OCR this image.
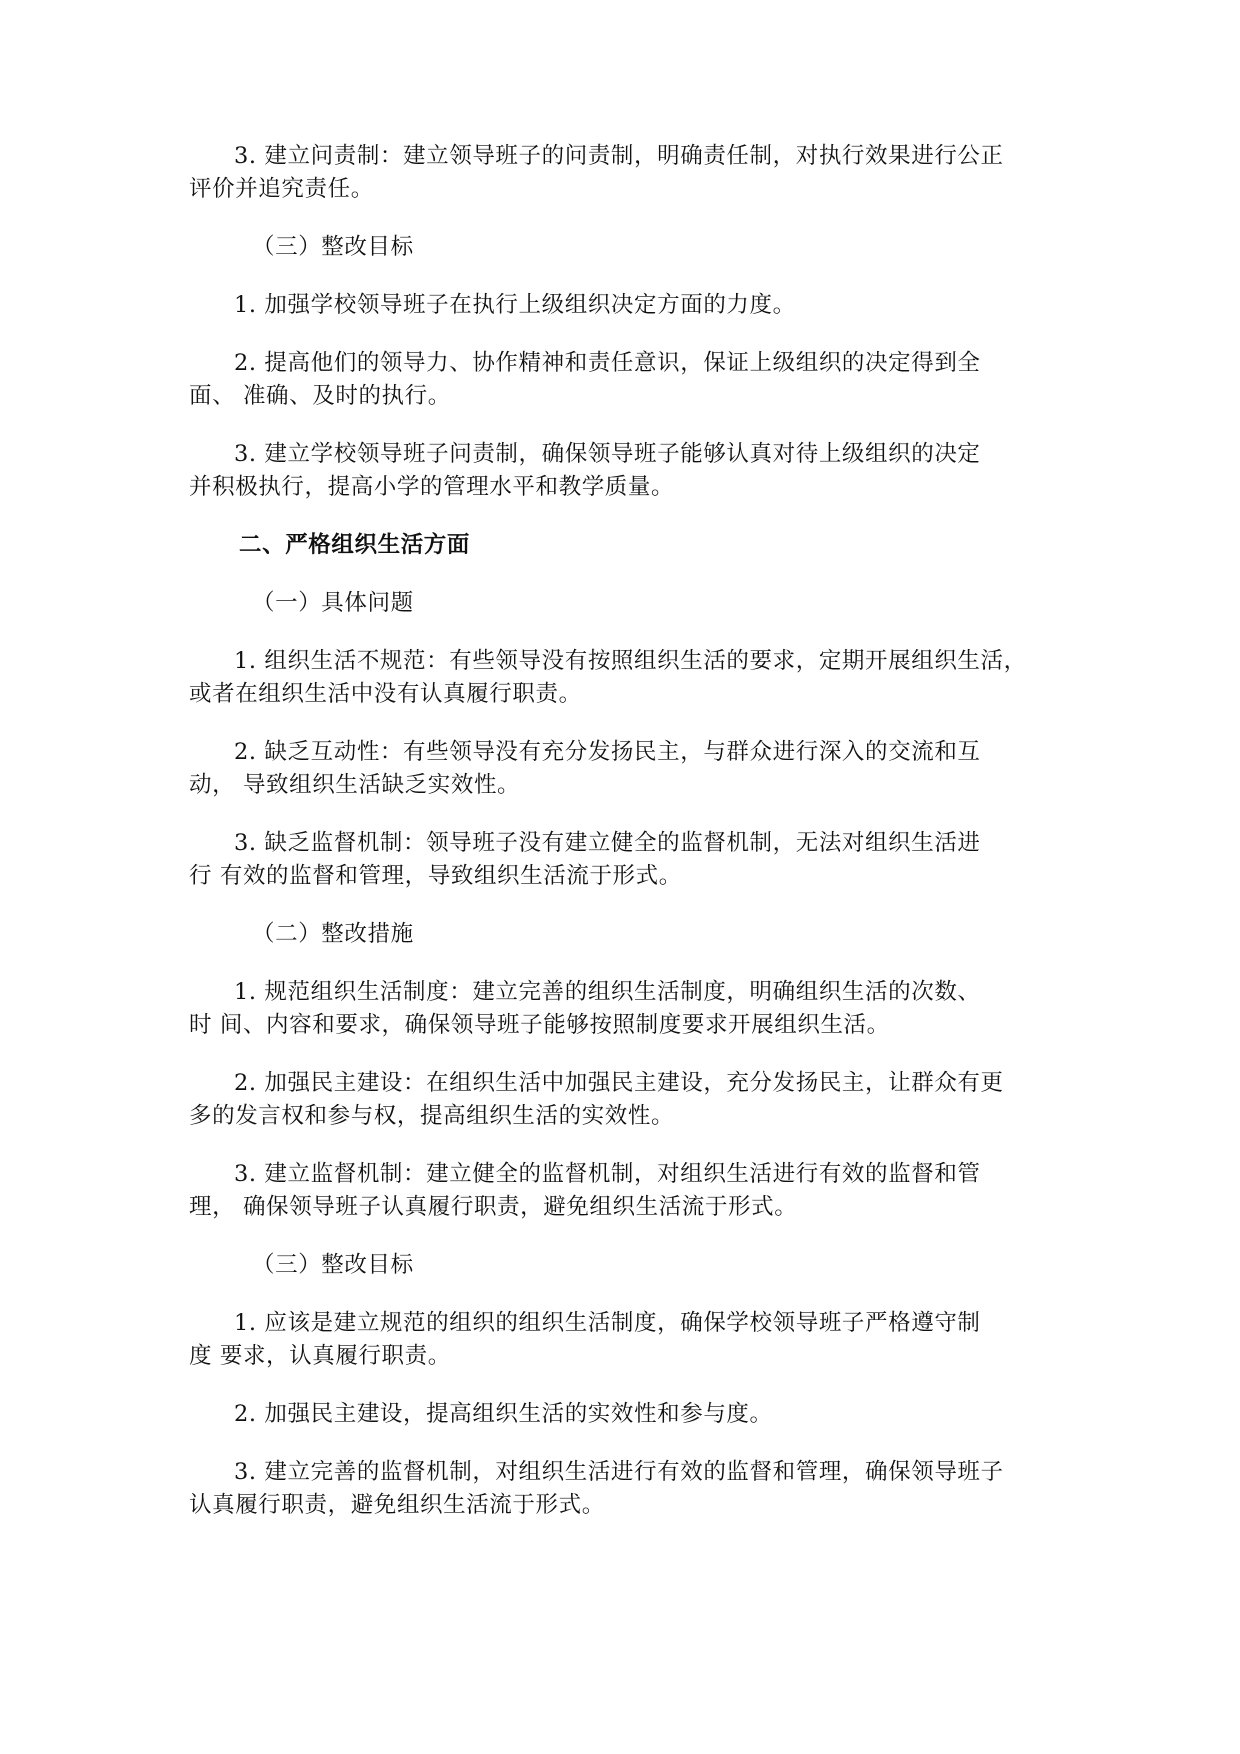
3. 建立问责制：建立领导班子的问责制，明确责任制，对执行效果进行公正
评价并追究责任。
（三）整改目标
1. 加强学校领导班子在执行上级组织决定方面的力度。
2. 提高他们的领导力、协作精神和责任意识，保证上级组织的决定得到全
面、 准确、及时的执行。
3. 建立学校领导班子问责制，确保领导班子能够认真对待上级组织的决定
并积极执行，提高小学的管理水平和教学质量。
二、严格组织生活方面
（一）具体问题
1. 组织生活不规范：有些领导没有按照组织生活的要求，定期开展组织生活，
或者在组织生活中没有认真履行职责。
2. 缺乏互动性：有些领导没有充分发扬民主，与群众进行深入的交流和互
动， 导致组织生活缺乏实效性。
3. 缺乏监督机制：领导班子没有建立健全的监督机制，无法对组织生活进
行 有效的监督和管理，导致组织生活流于形式。
（二）整改措施
1. 规范组织生活制度：建立完善的组织生活制度，明确组织生活的次数、
时 间、内容和要求，确保领导班子能够按照制度要求开展组织生活。
2. 加强民主建设：在组织生活中加强民主建设，充分发扬民主，让群众有更
多的发言权和参与权，提高组织生活的实效性。
3. 建立监督机制：建立健全的监督机制，对组织生活进行有效的监督和管
理， 确保领导班子认真履行职责，避免组织生活流于形式。
（三）整改目标
1. 应该是建立规范的组织的组织生活制度，确保学校领导班子严格遵守制
度 要求，认真履行职责。
2. 加强民主建设，提高组织生活的实效性和参与度。
3. 建立完善的监督机制，对组织生活进行有效的监督和管理，确保领导班子
认真履行职责，避免组织生活流于形式。
